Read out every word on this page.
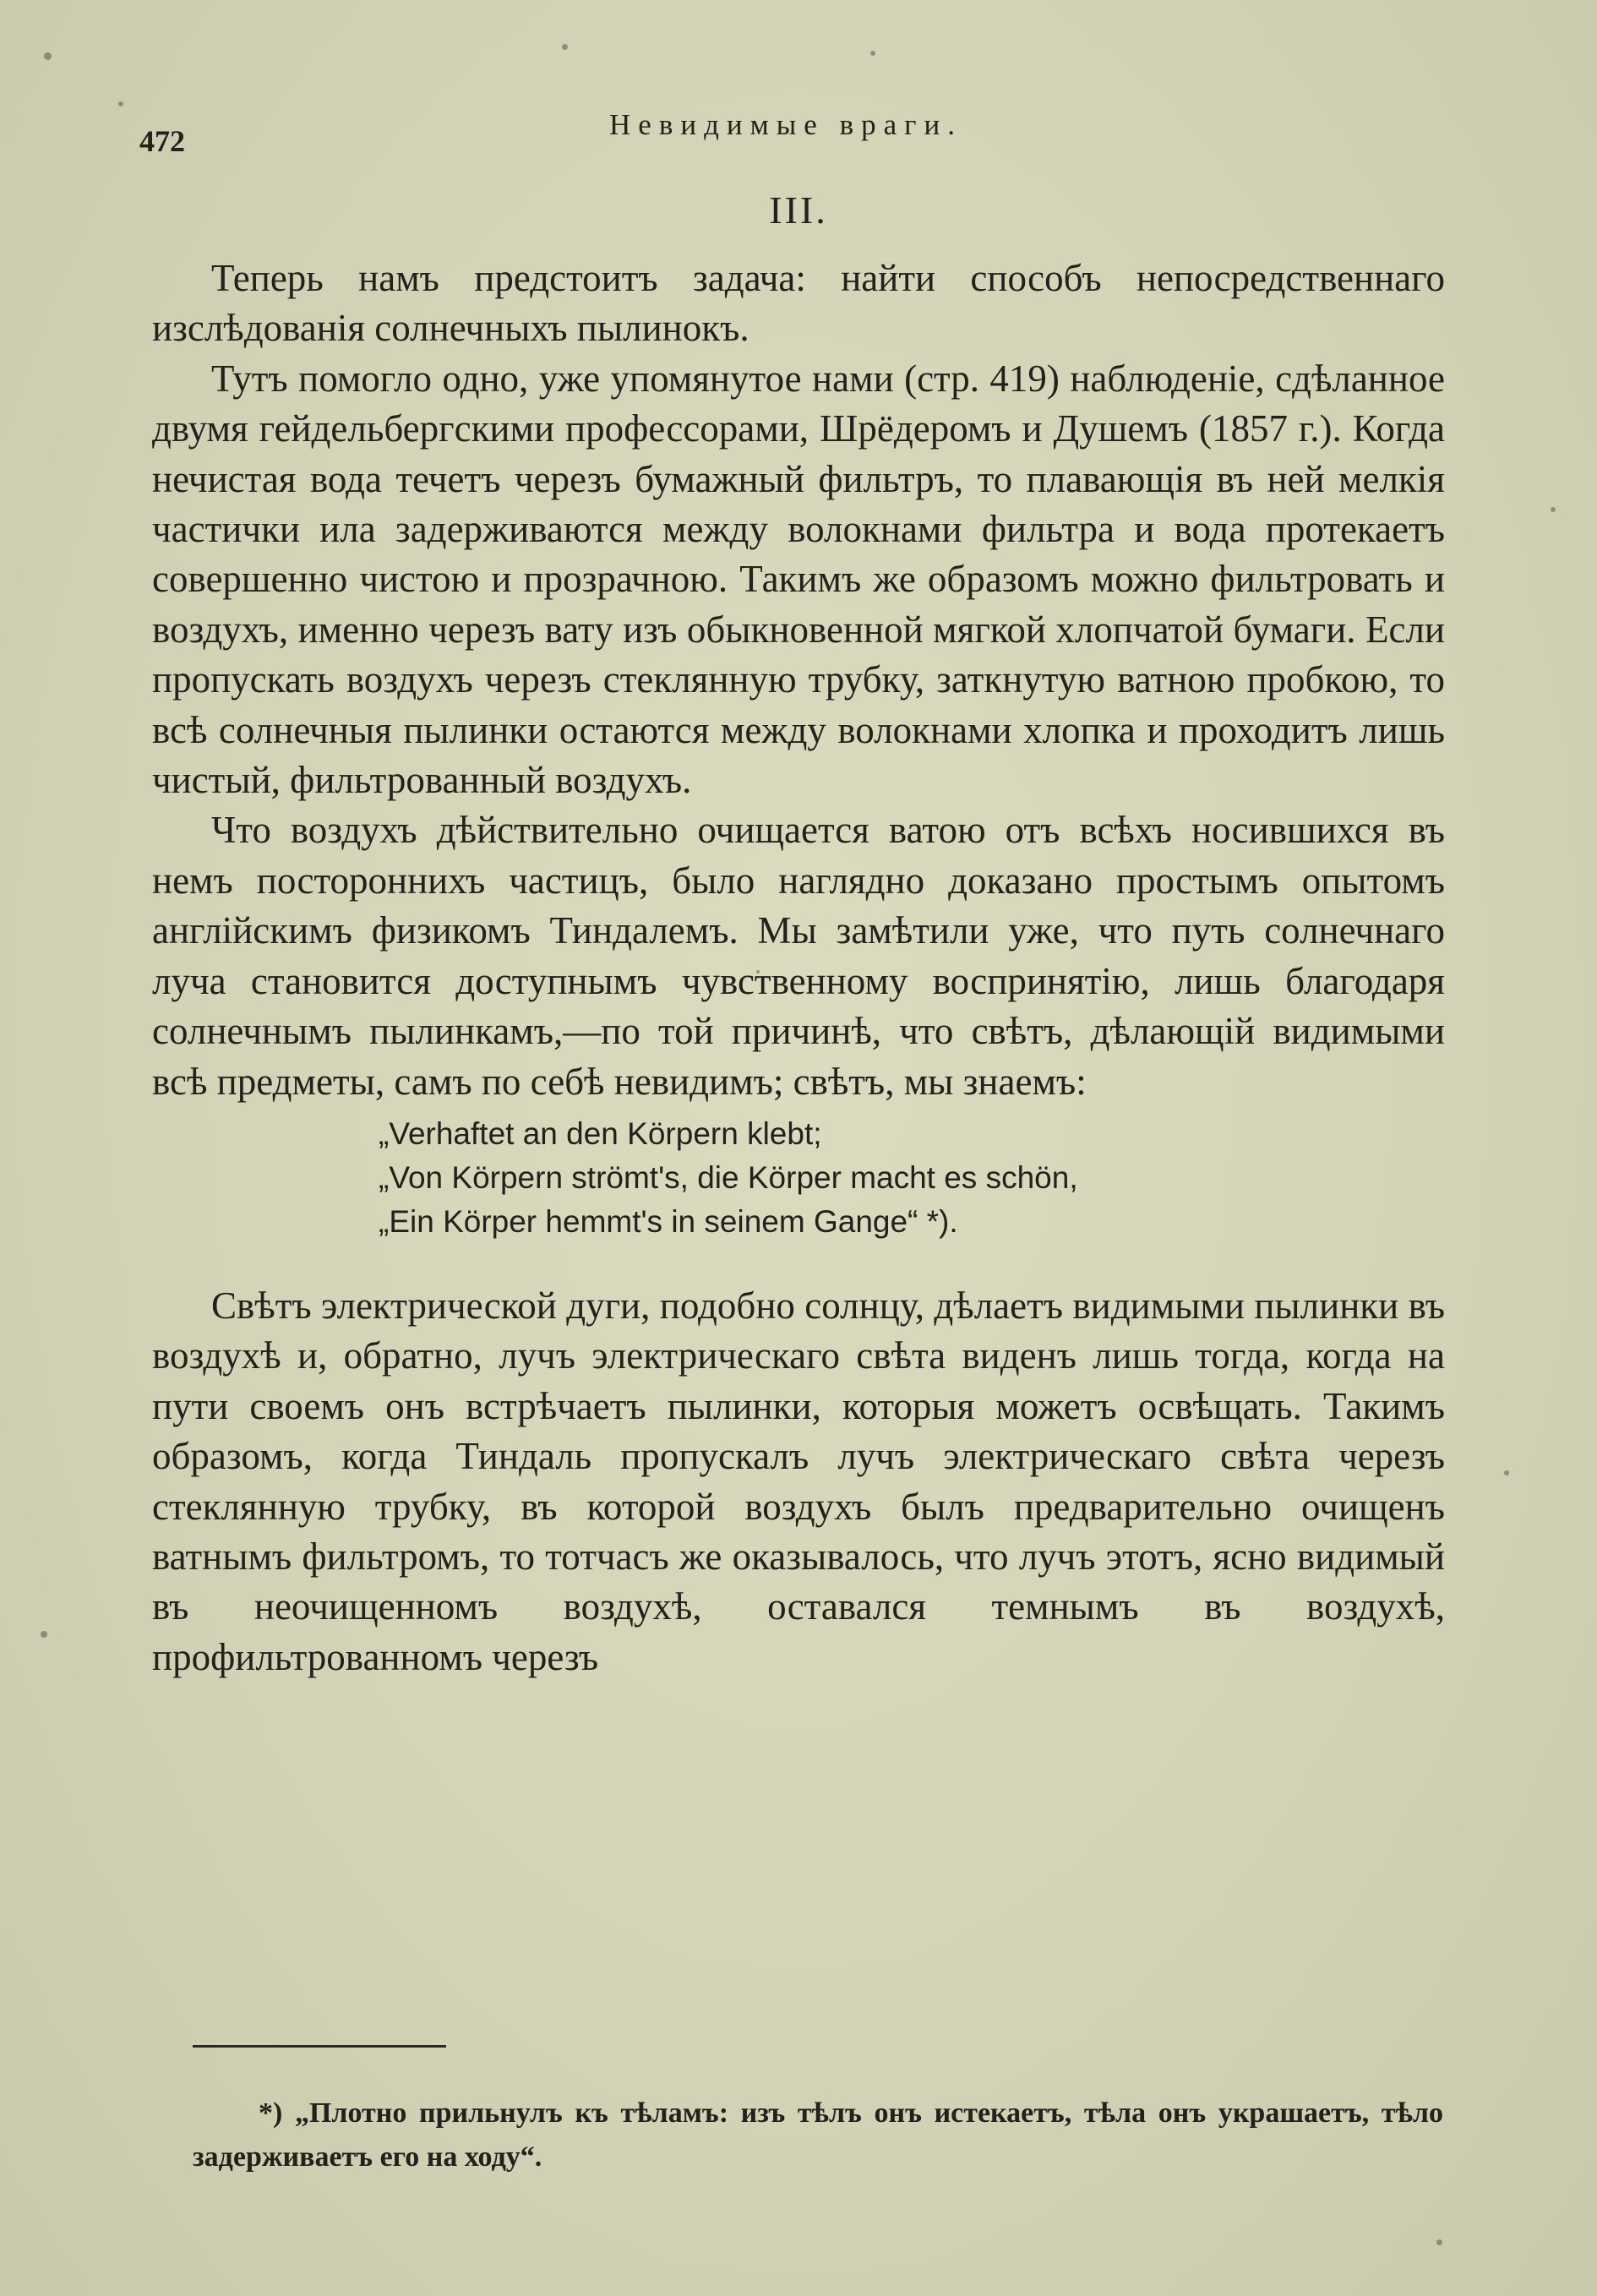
472	Невидимые враги.
III.

Теперь намъ предстоитъ задача: найти способъ непосредственнаго изслѣдованія солнечныхъ пылинокъ.

Тутъ помогло одно, уже упомянутое нами (стр. 419) наблюденіе, сдѣланное двумя гейдельбергскими профессорами, Шрёдеромъ и Душемъ (1857 г.). Когда нечистая вода течетъ черезъ бумажный фильтръ, то плавающія въ ней мелкія частички ила задерживаются между волокнами фильтра и вода протекаетъ совершенно чистою и прозрачною. Такимъ же образомъ можно фильтровать и воздухъ, именно черезъ вату изъ обыкновенной мягкой хлопчатой бумаги. Если пропускать воздухъ черезъ стеклянную трубку, заткнутую ватною пробкою, то всѣ солнечныя пылинки остаются между волокнами хлопка и проходитъ лишь чистый, фильтрованный воздухъ.

Что воздухъ дѣйствительно очищается ватою отъ всѣхъ носившихся въ немъ постороннихъ частицъ, было наглядно доказано простымъ опытомъ англійскимъ физикомъ Тиндалемъ. Мы замѣтили уже, что путь солнечнаго луча становится доступнымъ чувственному воспринятію, лишь благодаря солнечнымъ пылинкамъ,—по той причинѣ, что свѣтъ, дѣлающій видимыми всѣ предметы, самъ по себѣ невидимъ; свѣтъ, мы знаемъ:

„Verhaftet an den Körpern klebt;
„Von Körpern strömt's, die Körper macht es schön,
„Ein Körper hemmt's in seinem Gange“ *).

Свѣтъ электрической дуги, подобно солнцу, дѣлаетъ видимыми пылинки въ воздухѣ и, обратно, лучъ электрическаго свѣта виденъ лишь тогда, когда на пути своемъ онъ встрѣчаетъ пылинки, которыя можетъ освѣщать. Такимъ образомъ, когда Тиндаль пропускалъ лучъ электрическаго свѣта черезъ стеклянную трубку, въ которой воздухъ былъ предварительно очищенъ ватнымъ фильтромъ, то тотчасъ же оказывалось, что лучъ этотъ, ясно видимый въ неочищенномъ воздухѣ, оставался темнымъ въ воздухѣ, профильтрованномъ черезъ

*) „Плотно прильнулъ къ тѣламъ: изъ тѣлъ онъ истекаетъ, тѣла онъ украшаетъ, тѣло задерживаетъ его на ходу“.
